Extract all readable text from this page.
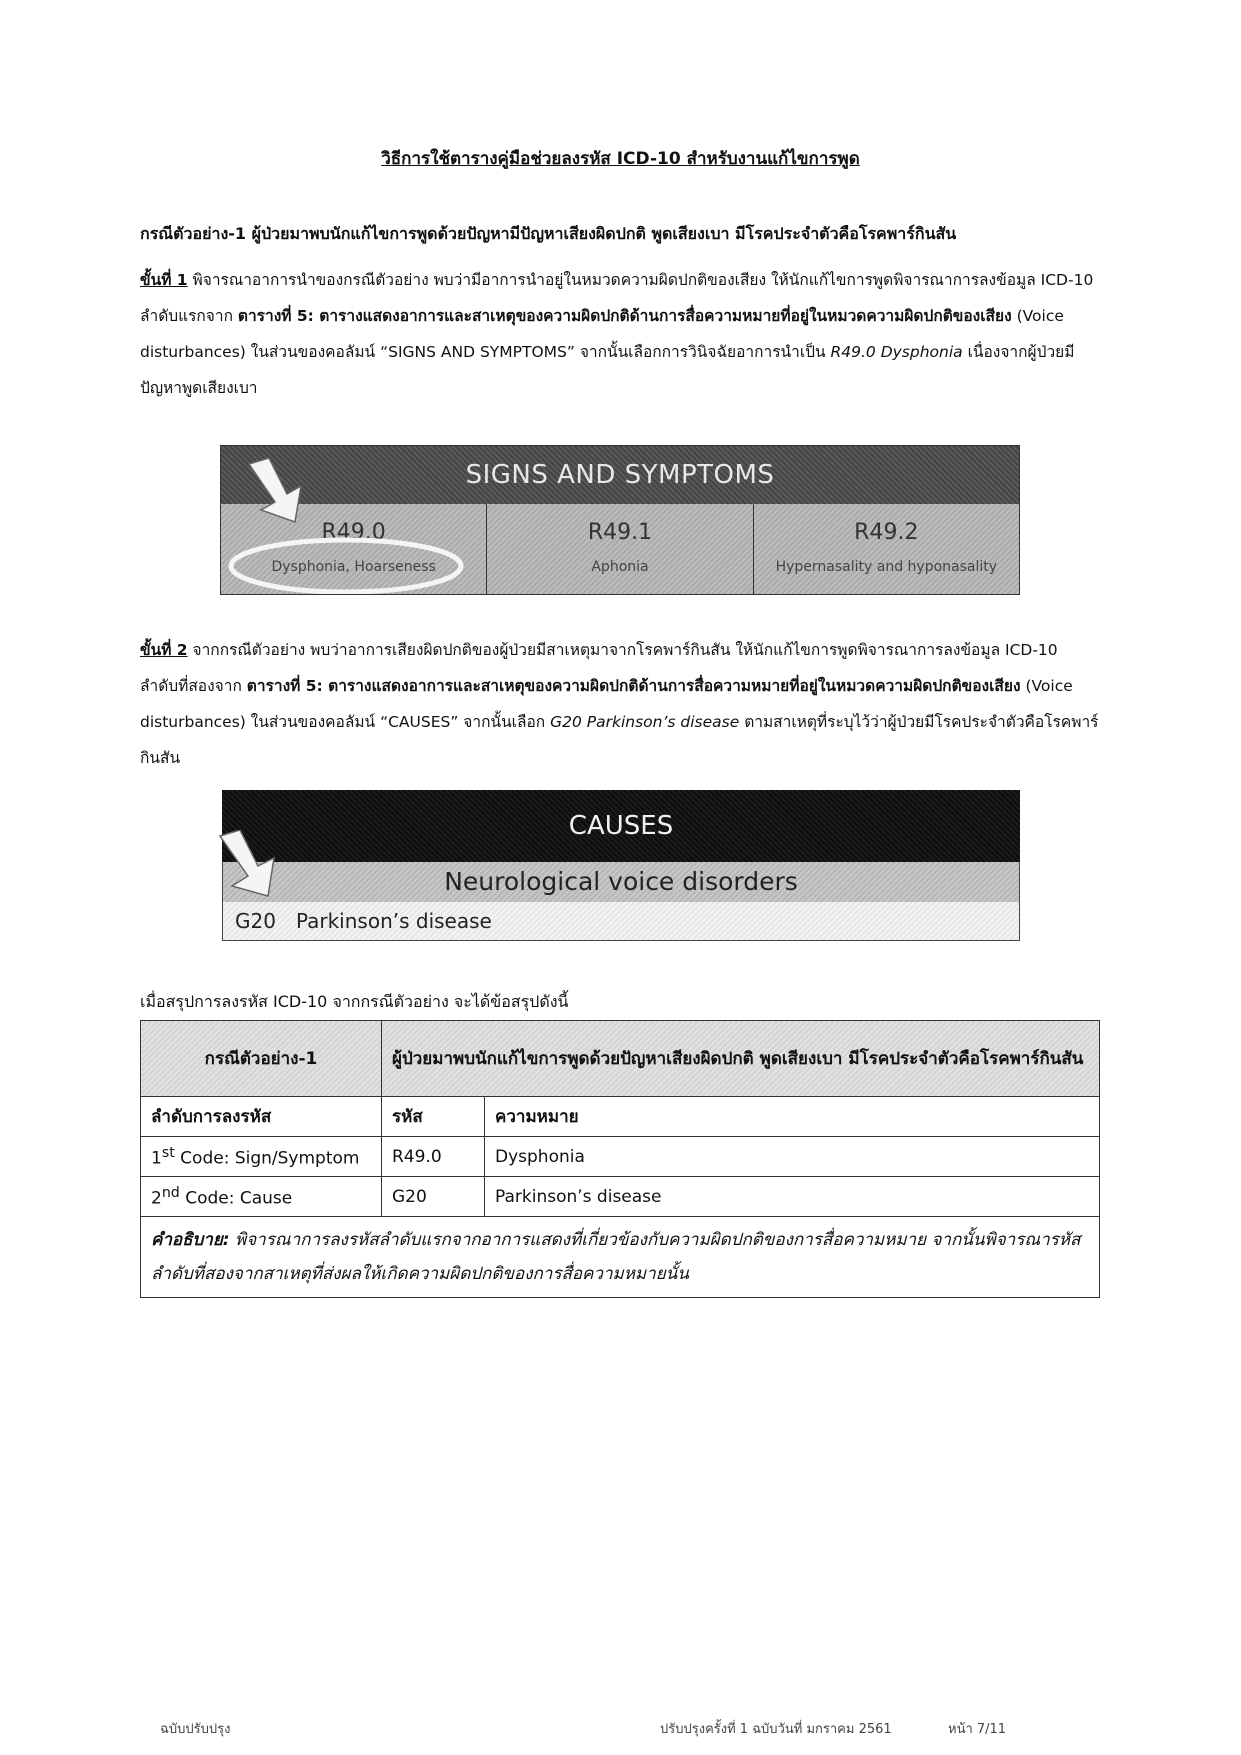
วิธีการใช้ตารางคู่มือช่วยลงรหัส ICD-10 สำหรับงานแก้ไขการพูด
กรณีตัวอย่าง-1 ผู้ป่วยมาพบนักแก้ไขการพูดด้วยปัญหามีปัญหาเสียงผิดปกติ พูดเสียงเบา มีโรคประจำตัวคือโรคพาร์กินสัน
ขั้นที่ 1 พิจารณาอาการนำของกรณีตัวอย่าง พบว่ามีอาการนำอยู่ในหมวดความผิดปกติของเสียง ให้นักแก้ไขการพูดพิจารณาการลงข้อมูล ICD-10 ลำดับแรกจาก ตารางที่ 5: ตารางแสดงอาการและสาเหตุของความผิดปกติด้านการสื่อความหมายที่อยู่ในหมวดความผิดปกติของเสียง (Voice disturbances) ในส่วนของคอลัมน์ “SIGNS AND SYMPTOMS” จากนั้นเลือกการวินิจฉัยอาการนำเป็น R49.0 Dysphonia เนื่องจากผู้ป่วยมีปัญหาพูดเสียงเบา
SIGNS AND SYMPTOMS
R49.0
Dysphonia, Hoarseness
R49.1
Aphonia
R49.2
Hypernasality and hyponasality
ขั้นที่ 2 จากกรณีตัวอย่าง พบว่าอาการเสียงผิดปกติของผู้ป่วยมีสาเหตุมาจากโรคพาร์กินสัน ให้นักแก้ไขการพูดพิจารณาการลงข้อมูล ICD-10 ลำดับที่สองจาก ตารางที่ 5: ตารางแสดงอาการและสาเหตุของความผิดปกติด้านการสื่อความหมายที่อยู่ในหมวดความผิดปกติของเสียง (Voice disturbances) ในส่วนของคอลัมน์ “CAUSES” จากนั้นเลือก G20 Parkinson’s disease ตามสาเหตุที่ระบุไว้ว่าผู้ป่วยมีโรคประจำตัวคือโรคพาร์กินสัน
CAUSES
Neurological voice disorders
G20 Parkinson’s disease
เมื่อสรุปการลงรหัส ICD-10 จากกรณีตัวอย่าง จะได้ข้อสรุปดังนี้
กรณีตัวอย่าง-1	ผู้ป่วยมาพบนักแก้ไขการพูดด้วยปัญหาเสียงผิดปกติ พูดเสียงเบา มีโรคประจำตัวคือโรคพาร์กินสัน	
ลำดับการลงรหัส	รหัส	ความหมาย
1st Code: Sign/Symptom	R49.0	Dysphonia
2nd Code: Cause	G20	Parkinson’s disease
คำอธิบาย: พิจารณาการลงรหัสลำดับแรกจากอาการแสดงที่เกี่ยวข้องกับความผิดปกติของการสื่อความหมาย จากนั้นพิจารณารหัสลำดับที่สองจากสาเหตุที่ส่งผลให้เกิดความผิดปกติของการสื่อความหมายนั้น		
ฉบับปรับปรุง	ปรับปรุงครั้งที่ 1 ฉบับวันที่ มกราคม 2561	หน้า 7/11
